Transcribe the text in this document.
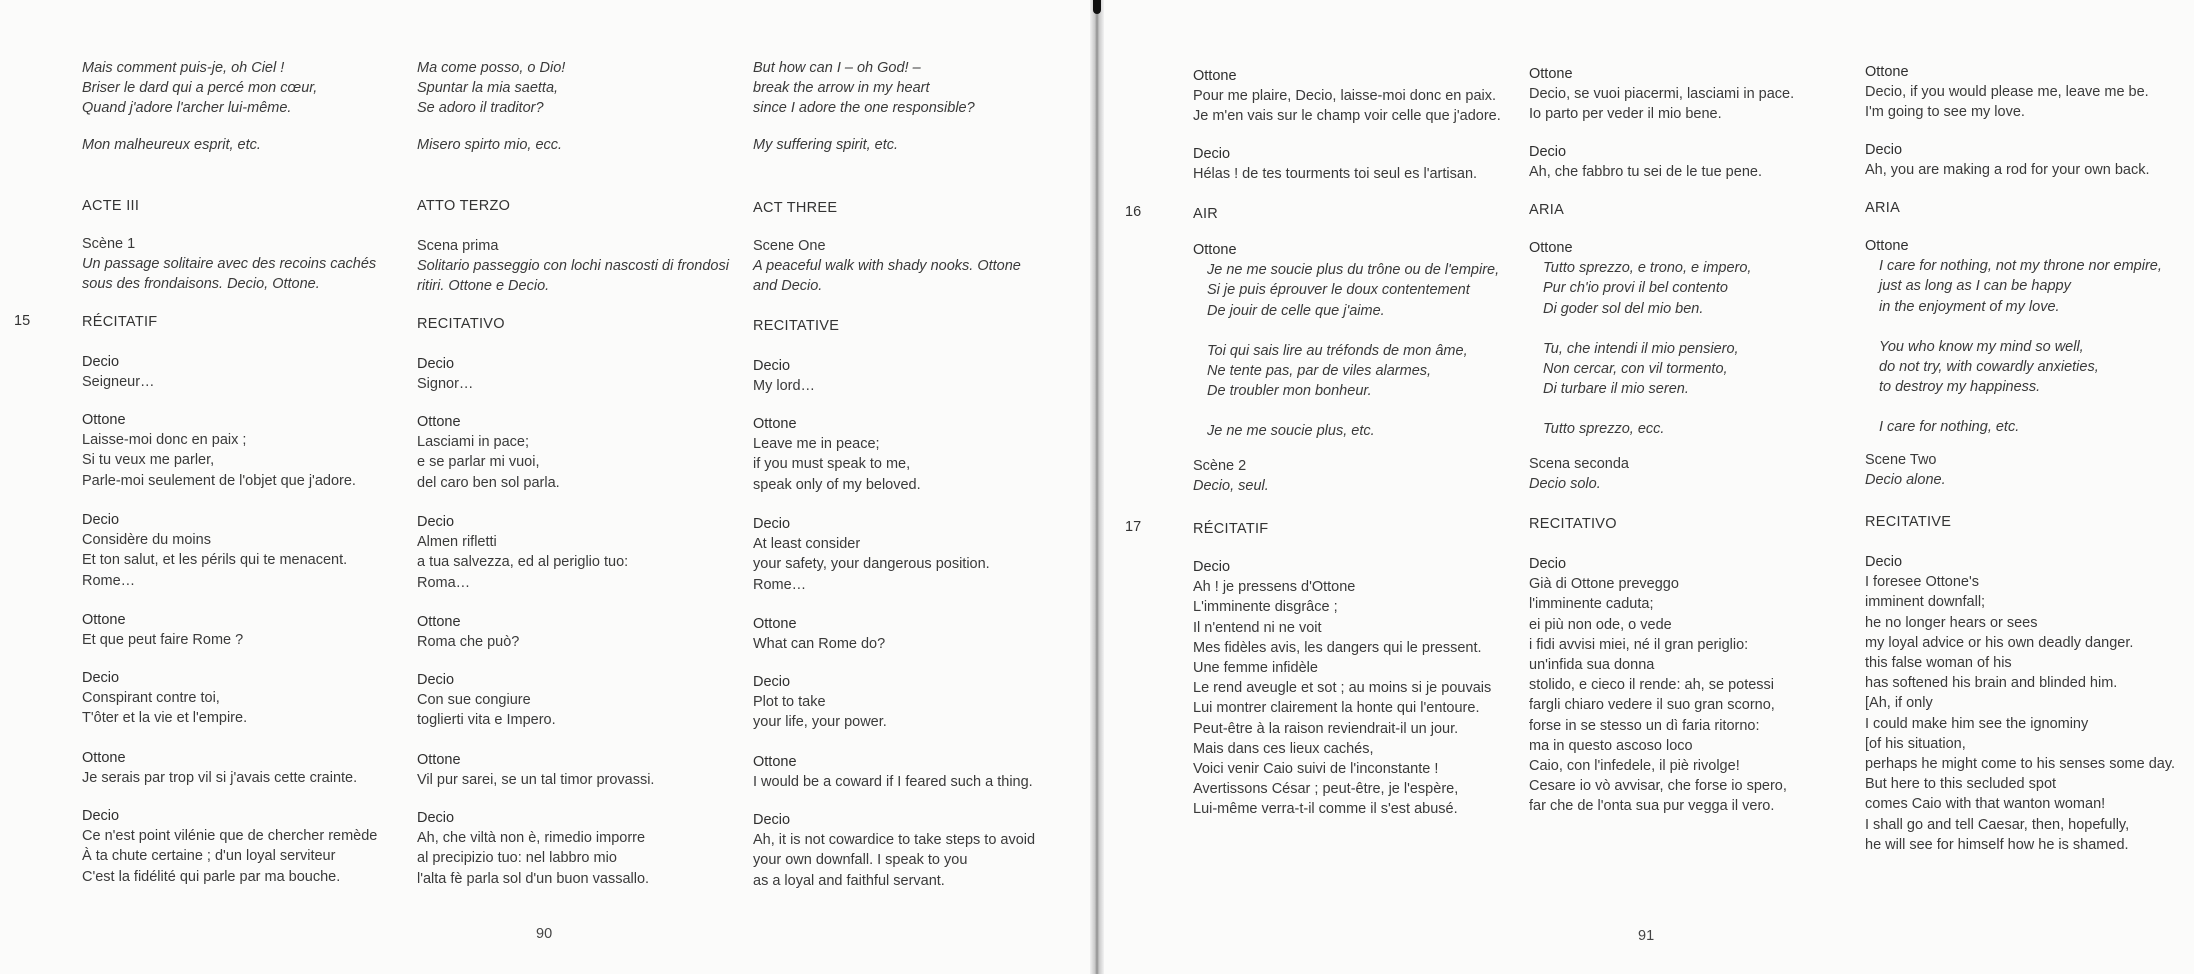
Mais comment puis-je, oh Ciel !
Briser le dard qui a percé mon cœur,
Quand j'adore l'archer lui-même.
Mon malheureux esprit, etc.
ACTE III
Scène 1
Un passage solitaire avec des recoins cachés
sous des frondaisons. Decio, Ottone.
RÉCITATIF
Decio
Seigneur…
Ottone
Laisse-moi donc en paix ;
Si tu veux me parler,
Parle-moi seulement de l'objet que j'adore.
Decio
Considère du moins
Et ton salut, et les périls qui te menacent.
Rome…
Ottone
Et que peut faire Rome ?
Decio
Conspirant contre toi,
T'ôter et la vie et l'empire.
Ottone
Je serais par trop vil si j'avais cette crainte.
Decio
Ce n'est point vilénie que de chercher remède
À ta chute certaine ; d'un loyal serviteur
C'est la fidélité qui parle par ma bouche.
Ma come posso, o Dio!
Spuntar la mia saetta,
Se adoro il traditor?
Misero spirto mio, ecc.
ATTO TERZO
Scena prima
Solitario passeggio con lochi nascosti di frondosi
ritiri. Ottone e Decio.
RECITATIVO
Decio
Signor…
Ottone
Lasciami in pace;
e se parlar mi vuoi,
del caro ben sol parla.
Decio
Almen rifletti
a tua salvezza, ed al periglio tuo:
Roma…
Ottone
Roma che può?
Decio
Con sue congiure
toglierti vita e Impero.
Ottone
Vil pur sarei, se un tal timor provassi.
Decio
Ah, che viltà non è, rimedio imporre
al precipizio tuo: nel labbro mio
l'alta fè parla sol d'un buon vassallo.
But how can I – oh God! –
break the arrow in my heart
since I adore the one responsible?
My suffering spirit, etc.
ACT THREE
Scene One
A peaceful walk with shady nooks. Ottone
and Decio.
RECITATIVE
Decio
My lord…
Ottone
Leave me in peace;
if you must speak to me,
speak only of my beloved.
Decio
At least consider
your safety, your dangerous position.
Rome…
Ottone
What can Rome do?
Decio
Plot to take
your life, your power.
Ottone
I would be a coward if I feared such a thing.
Decio
Ah, it is not cowardice to take steps to avoid
your own downfall. I speak to you
as a loyal and faithful servant.
Ottone
Pour me plaire, Decio, laisse-moi donc en paix.
Je m'en vais sur le champ voir celle que j'adore.
Decio
Hélas ! de tes tourments toi seul es l'artisan.
AIR
Ottone
Je ne me soucie plus du trône ou de l'empire,
Si je puis éprouver le doux contentement
De jouir de celle que j'aime.
Toi qui sais lire au tréfonds de mon âme,
Ne tente pas, par de viles alarmes,
De troubler mon bonheur.
Je ne me soucie plus, etc.
Scène 2
Decio, seul.
RÉCITATIF
Decio
Ah ! je pressens d'Ottone
L'imminente disgrâce ;
Il n'entend ni ne voit
Mes fidèles avis, les dangers qui le pressent.
Une femme infidèle
Le rend aveugle et sot ; au moins si je pouvais
Lui montrer clairement la honte qui l'entoure.
Peut-être à la raison reviendrait-il un jour.
Mais dans ces lieux cachés,
Voici venir Caio suivi de l'inconstante !
Avertissons César ; peut-être, je l'espère,
Lui-même verra-t-il comme il s'est abusé.
Ottone
Decio, se vuoi piacermi, lasciami in pace.
Io parto per veder il mio bene.
Decio
Ah, che fabbro tu sei de le tue pene.
ARIA
Ottone
Tutto sprezzo, e trono, e impero,
Pur ch'io provi il bel contento
Di goder sol del mio ben.
Tu, che intendi il mio pensiero,
Non cercar, con vil tormento,
Di turbare il mio seren.
Tutto sprezzo, ecc.
Scena seconda
Decio solo.
RECITATIVO
Decio
Già di Ottone preveggo
l'imminente caduta;
ei più non ode, o vede
i fidi avvisi miei, né il gran periglio:
un'infida sua donna
stolido, e cieco il rende: ah, se potessi
fargli chiaro vedere il suo gran scorno,
forse in se stesso un dì faria ritorno:
ma in questo ascoso loco
Caio, con l'infedele, il piè rivolge!
Cesare io vò avvisar, che forse io spero,
far che de l'onta sua pur vegga il vero.
Ottone
Decio, if you would please me, leave me be.
I'm going to see my love.
Decio
Ah, you are making a rod for your own back.
ARIA
Ottone
I care for nothing, not my throne nor empire,
just as long as I can be happy
in the enjoyment of my love.
You who know my mind so well,
do not try, with cowardly anxieties,
to destroy my happiness.
I care for nothing, etc.
Scene Two
Decio alone.
RECITATIVE
Decio
I foresee Ottone's
imminent downfall;
he no longer hears or sees
my loyal advice or his own deadly danger.
this false woman of his
has softened his brain and blinded him.
[Ah, if only
I could make him see the ignominy
[of his situation,
perhaps he might come to his senses some day.
But here to this secluded spot
comes Caio with that wanton woman!
I shall go and tell Caesar, then, hopefully,
he will see for himself how he is shamed.
15
16
17
90	91
